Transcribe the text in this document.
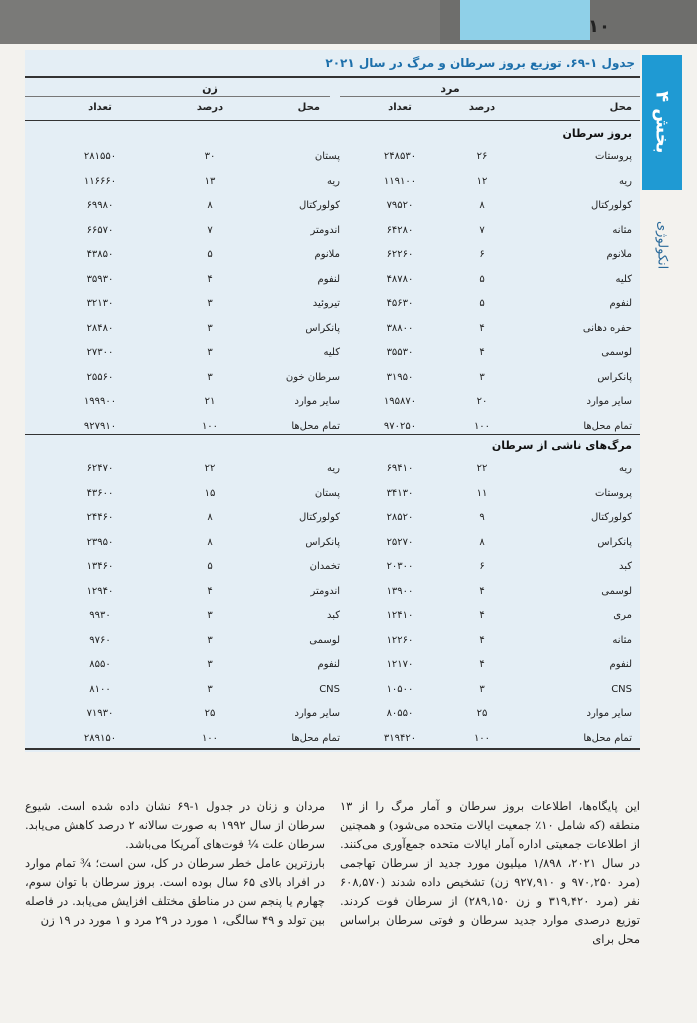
۱۰
بخش ۴
انکولوژی
جدول ۱-۶۹. توزیع بروز سرطان و مرگ در سال ۲۰۲۱
مرد
زن
محل
درصد
تعداد
محل
درصد
تعداد
بروز سرطان
پروستات
۲۶
۲۴۸۵۳۰
پستان
۳۰
۲۸۱۵۵۰
ریه
۱۲
۱۱۹۱۰۰
ریه
۱۳
۱۱۶۶۶۰
کولورکتال
۸
۷۹۵۲۰
کولورکتال
۸
۶۹۹۸۰
مثانه
۷
۶۴۲۸۰
اندومتر
۷
۶۶۵۷۰
ملانوم
۶
۶۲۲۶۰
ملانوم
۵
۴۳۸۵۰
کلیه
۵
۴۸۷۸۰
لنفوم
۴
۳۵۹۳۰
لنفوم
۵
۴۵۶۳۰
تیروئید
۳
۳۲۱۳۰
حفره دهانی
۴
۳۸۸۰۰
پانکراس
۳
۲۸۴۸۰
لوسمی
۴
۳۵۵۳۰
کلیه
۳
۲۷۳۰۰
پانکراس
۳
۳۱۹۵۰
سرطان خون
۳
۲۵۵۶۰
سایر موارد
۲۰
۱۹۵۸۷۰
سایر موارد
۲۱
۱۹۹۹۰۰
تمام محل‌ها
۱۰۰
۹۷۰۲۵۰
تمام محل‌ها
۱۰۰
۹۲۷۹۱۰
مرگ‌های ناشی از سرطان
ریه
۲۲
۶۹۴۱۰
ریه
۲۲
۶۲۴۷۰
پروستات
۱۱
۳۴۱۳۰
پستان
۱۵
۴۳۶۰۰
کولورکتال
۹
۲۸۵۲۰
کولورکتال
۸
۲۴۴۶۰
پانکراس
۸
۲۵۲۷۰
پانکراس
۸
۲۳۹۵۰
کبد
۶
۲۰۳۰۰
تخمدان
۵
۱۳۴۶۰
لوسمی
۴
۱۳۹۰۰
اندومتر
۴
۱۲۹۴۰
مری
۴
۱۲۴۱۰
کبد
۳
۹۹۳۰
مثانه
۴
۱۲۲۶۰
لوسمی
۳
۹۷۶۰
لنفوم
۴
۱۲۱۷۰
لنفوم
۳
۸۵۵۰
CNS
۳
۱۰۵۰۰
CNS
۳
۸۱۰۰
سایر موارد
۲۵
۸۰۵۵۰
سایر موارد
۲۵
۷۱۹۳۰
تمام محل‌ها
۱۰۰
۳۱۹۴۲۰
تمام محل‌ها
۱۰۰
۲۸۹۱۵۰

این پایگاه‌ها، اطلاعات بروز سرطان و آمار مرگ را از ۱۳ منطقه (که شامل ۱۰٪ جمعیت ایالات متحده می‌شود) و همچنین از اطلاعات جمعیتی اداره آمار ایالات متحده جمع‌آوری می‌کنند. در سال ۲۰۲۱، ۱/۸۹۸ میلیون مورد جدید از سرطان تهاجمی (مرد ۹۷۰,۲۵۰ و ۹۲۷,۹۱۰ زن) تشخیص داده شدند (۶۰۸,۵۷۰ نفر (مرد ۳۱۹,۴۲۰ و زن ۲۸۹,۱۵۰) از سرطان فوت کردند. توزیع درصدی موارد جدید سرطان و فوتی سرطان براساس محل برای

مردان و زنان در جدول ۱-۶۹ نشان داده شده است. شیوع سرطان از سال ۱۹۹۲ به صورت سالانه ۲ درصد کاهش می‌یابد. سرطان علت ¼ فوت‌های آمریکا می‌باشد.

بارزترین عامل خطر سرطان در کل، سن است؛ ¾ تمام موارد در افراد بالای ۶۵ سال بوده است. بروز سرطان با توان سوم، چهارم یا پنجم سن در مناطق مختلف افزایش می‌یابد. در فاصله بین تولد و ۴۹ سالگی، ۱ مورد در ۲۹ مرد و ۱ مورد در ۱۹ زن
